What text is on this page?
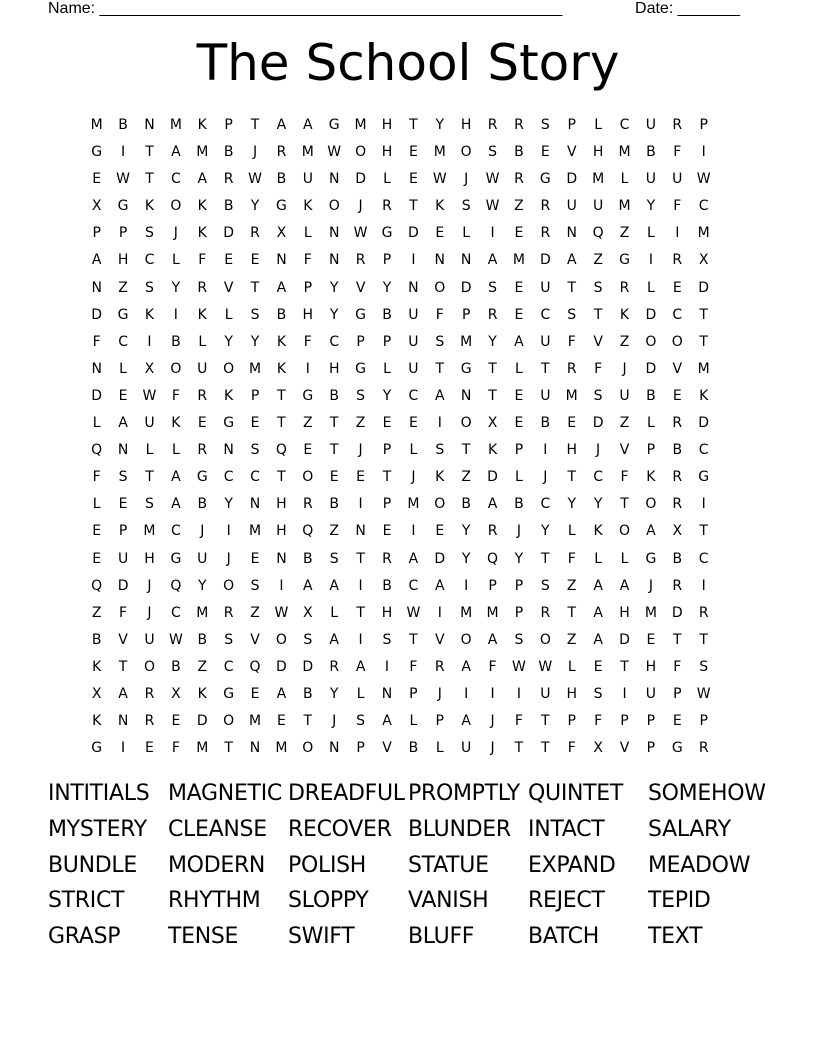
Name: ____________________________________________________	Date: _______
The School Story
M	B	N	M	K	P	T	A	A	G M	H	T	Y	H	R	R	S	P	L	C	U	R	P
G	I	T	A	M	B	J	R	M W O	H	E	M O	S	B	E	V	H	M	B	F	I
E	W	T	C	A	R W B	U	N	D	L	E	W	J	W R	G	D M	L	U	U W
X	G	K	O	K	B	Y	G	K	O	J	R	T	K	S	W Z	R	U	U	M	Y	F	C
P	P	S	J	K	D	R	X	L	N W G	D	E	L	I	E	R	N	Q	Z	L	I	M
A	H	C	L	F	E	E	N	F	N	R	P	I	N	N	A	M D	A	Z	G	I	R	X
N	Z	S	Y	R	V	T	A	P	Y	V	Y	N	O	D	S	E	U	T	S	R	L	E	D
D	G	K	I	K	L	S	B	H	Y	G	B	U	F	P	R	E	C	S	T	K	D	C	T
F	C	I	B	L	Y	Y	K	F	C	P	P	U	S	M	Y	A	U	F	V	Z	O	O	T
N	L	X	O	U	O M	K	I	H	G	L	U	T	G	T	L	T	R	F	J	D	V	M
D	E	W	F	R	K	P	T	G	B	S	Y	C	A	N	T	E	U	M	S	U	B	E	K
L	A	U	K	E	G	E	T	Z	T	Z	E	E	I	O	X	E	B	E	D	Z	L	R	D
Q	N	L	L	R	N	S	Q	E	T	J	P	L	S	T	K	P	I	H	J	V	P	B	C
F	S	T	A	G	C	C	T	O	E	E	T	J	K	Z	D	L	J	T	C	F	K	R	G
L	E	S	A	B	Y	N	H	R	B	I	P	M O	B	A	B	C	Y	Y	T	O	R	I
E	P	M	C	J	I	M	H	Q	Z	N	E	I	E	Y	R	J	Y	L	K	O	A	X	T
E	U	H	G	U	J	E	N	B	S	T	R	A	D	Y	Q	Y	T	F	L	L	G	B	C
Q	D	J	Q	Y	O	S	I	A	A	I	B	C	A	I	P	P	S	Z	A	A	J	R	I
Z	F	J	C	M	R	Z W X	L	T	H W	I	M M	P	R	T	A	H	M D	R
B	V	U W B	S	V	O	S	A	I	S	T	V	O	A	S	O	Z	A	D	E	T	T
K	T	O	B	Z	C	Q	D	D	R	A	I	F	R	A	F	W W	L	E	T	H	F	S
X	A	R	X	K	G	E	A	B	Y	L	N	P	J	I	I	I	U	H	S	I	U	P	W
K	N	R	E	D	O M	E	T	J	S	A	L	P	A	J	F	T	P	F	P	P	E	P
G	I	E	F	M	T	N	M O	N	P	V	B	L	U	J	T	T	F	X	V	P	G	R
INTITIALS MAGNETIC DREADFUL PROMPTLY QUINTET	SOMEHOW
MYSTERY CLEANSE RECOVER BLUNDER INTACT	SALARY
BUNDLE	MODERN	POLISH	STATUE	EXPAND	MEADOW
STRICT	RHYTHM	SLOPPY	VANISH	REJECT	TEPID
GRASP	TENSE	SWIFT	BLUFF	BATCH	TEXT
